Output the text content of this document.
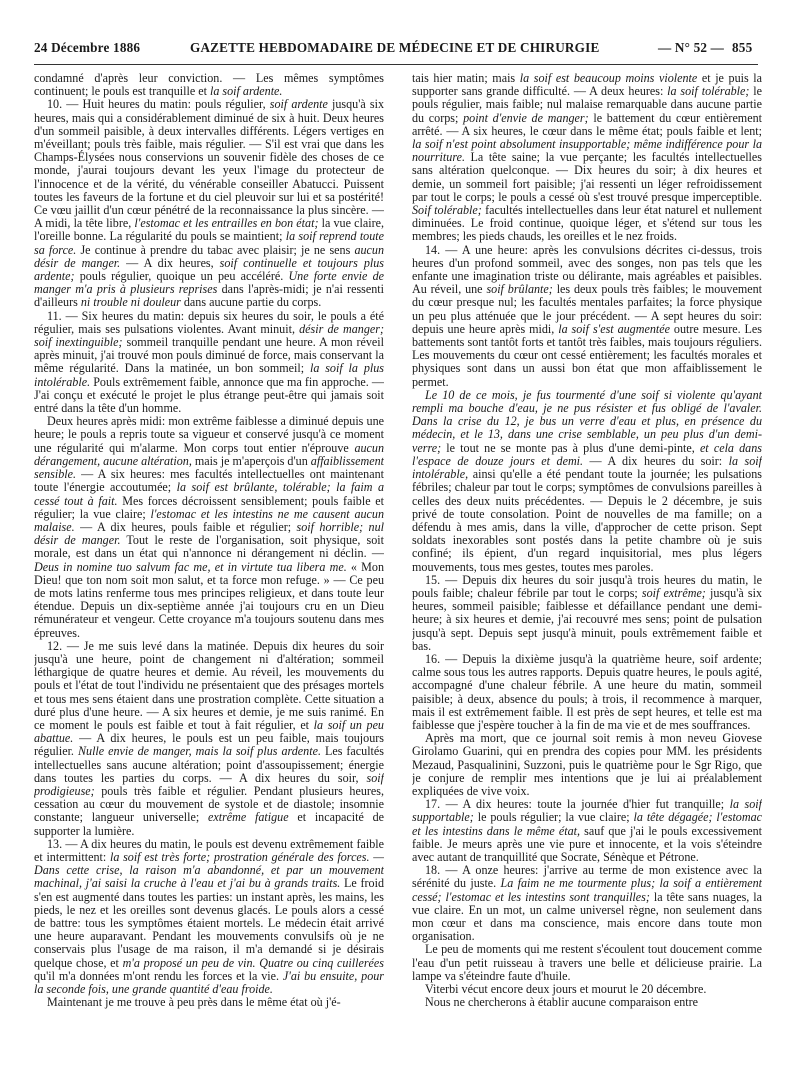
24 Décembre 1886	GAZETTE HEBDOMADAIRE DE MÉDECINE ET DE CHIRURGIE	— N° 52 — 855

condamné d'après leur conviction. — Les mêmes symptômes continuent; le pouls est tranquille et la soif ardente.

10. — Huit heures du matin: pouls régulier, soif ardente jusqu'à six heures, mais qui a considérablement diminué de six à huit. Deux heures d'un sommeil paisible, à deux intervalles différents. Légers vertiges en m'éveillant; pouls très faible, mais régulier. — S'il est vrai que dans les Champs-Élysées nous conservions un souvenir fidèle des choses de ce monde, j'aurai toujours devant les yeux l'image du protecteur de l'innocence et de la vérité, du vénérable conseiller Abatucci. Puissent toutes les faveurs de la fortune et du ciel pleuvoir sur lui et sa postérité! Ce vœu jaillit d'un cœur pénétré de la reconnaissance la plus sincère. — A midi, la tête libre, l'estomac et les entrailles en bon état; la vue claire, l'oreille bonne. La régularité du pouls se maintient; la soif reprend toute sa force. Je continue à prendre du tabac avec plaisir; je ne sens aucun désir de manger. — A dix heures, soif continuelle et toujours plus ardente; pouls régulier, quoique un peu accéléré. Une forte envie de manger m'a pris à plusieurs reprises dans l'après-midi; je n'ai ressenti d'ailleurs ni trouble ni douleur dans aucune partie du corps.

11. — Six heures du matin: depuis six heures du soir, le pouls a été régulier, mais ses pulsations violentes. Avant minuit, désir de manger; soif inextinguible; sommeil tranquille pendant une heure. A mon réveil après minuit, j'ai trouvé mon pouls diminué de force, mais conservant la même régularité. Dans la matinée, un bon sommeil; la soif la plus intolérable. Pouls extrêmement faible, annonce que ma fin approche. — J'ai conçu et exécuté le projet le plus étrange peut-être qui jamais soit entré dans la tête d'un homme.

Deux heures après midi: mon extrême faiblesse a diminué depuis une heure; le pouls a repris toute sa vigueur et conservé jusqu'à ce moment une régularité qui m'alarme. Mon corps tout entier n'éprouve aucun dérangement, aucune altération, mais je m'aperçois d'un affaiblissement sensible. — A six heures: mes facultés intellectuelles ont maintenant toute l'énergie accoutumée; la soif est brûlante, tolérable; la faim a cessé tout à fait. Mes forces décroissent sensiblement; pouls faible et régulier; la vue claire; l'estomac et les intestins ne me causent aucun malaise. — A dix heures, pouls faible et régulier; soif horrible; nul désir de manger. Tout le reste de l'organisation, soit physique, soit morale, est dans un état qui n'annonce ni dérangement ni déclin. — Deus in nomine tuo salvum fac me, et in virtute tua libera me. « Mon Dieu! que ton nom soit mon salut, et ta force mon refuge. » — Ce peu de mots latins renferme tous mes principes religieux, et dans toute leur étendue. Depuis un dix-septième année j'ai toujours cru en un Dieu rémunérateur et vengeur. Cette croyance m'a toujours soutenu dans mes épreuves.

12. — Je me suis levé dans la matinée. Depuis dix heures du soir jusqu'à une heure, point de changement ni d'altération; sommeil léthargique de quatre heures et demie. Au réveil, les mouvements du pouls et l'état de tout l'individu ne présentaient que des présages mortels et tous mes sens étaient dans une prostration complète. Cette situation a duré plus d'une heure. — A six heures et demie, je me suis ranimé. En ce moment le pouls est faible et tout à fait régulier, et la soif un peu abattue. — A dix heures, le pouls est un peu faible, mais toujours régulier. Nulle envie de manger, mais la soif plus ardente. Les facultés intellectuelles sans aucune altération; point d'assoupissement; énergie dans toutes les parties du corps. — A dix heures du soir, soif prodigieuse; pouls très faible et régulier. Pendant plusieurs heures, cessation au cœur du mouvement de systole et de diastole; insomnie constante; langueur universelle; extrême fatigue et incapacité de supporter la lumière.

13. — A dix heures du matin, le pouls est devenu extrêmement faible et intermittent: la soif est très forte; prostration générale des forces. — Dans cette crise, la raison m'a abandonné, et par un mouvement machinal, j'ai saisi la cruche à l'eau et j'ai bu à grands traits. Le froid s'en est augmenté dans toutes les parties: un instant après, les mains, les pieds, le nez et les oreilles sont devenus glacés. Le pouls alors a cessé de battre: tous les symptômes étaient mortels. Le médecin était arrivé une heure auparavant. Pendant les mouvements convulsifs où je ne conservais plus l'usage de ma raison, il m'a demandé si je désirais quelque chose, et m'a proposé un peu de vin. Quatre ou cinq cuillerées qu'il m'a données m'ont rendu les forces et la vie. J'ai bu ensuite, pour la seconde fois, une grande quantité d'eau froide.

Maintenant je me trouve à peu près dans le même état où j'é-

tais hier matin; mais la soif est beaucoup moins violente et je puis la supporter sans grande difficulté. — A deux heures: la soif tolérable; le pouls régulier, mais faible; nul malaise remarquable dans aucune partie du corps; point d'envie de manger; le battement du cœur entièrement arrêté. — A six heures, le cœur dans le même état; pouls faible et lent; la soif n'est point absolument insupportable; même indifférence pour la nourriture. La tête saine; la vue perçante; les facultés intellectuelles sans altération quelconque. — Dix heures du soir; à dix heures et demie, un sommeil fort paisible; j'ai ressenti un léger refroidissement par tout le corps; le pouls a cessé où s'est trouvé presque imperceptible. Soif tolérable; facultés intellectuelles dans leur état naturel et nullement diminuées. Le froid continue, quoique léger, et s'étend sur tous les membres; les pieds chauds, les oreilles et le nez froids.

14. — A une heure: après les convulsions décrites ci-dessus, trois heures d'un profond sommeil, avec des songes, non pas tels que les enfante une imagination triste ou délirante, mais agréables et paisibles. Au réveil, une soif brûlante; les deux pouls très faibles; le mouvement du cœur presque nul; les facultés mentales parfaites; la force physique un peu plus atténuée que le jour précédent. — A sept heures du soir: depuis une heure après midi, la soif s'est augmentée outre mesure. Les battements sont tantôt forts et tantôt très faibles, mais toujours réguliers. Les mouvements du cœur ont cessé entièrement; les facultés morales et physiques sont dans un aussi bon état que mon affaiblissement le permet.

Le 10 de ce mois, je fus tourmenté d'une soif si violente qu'ayant rempli ma bouche d'eau, je ne pus résister et fus obligé de l'avaler. Dans la crise du 12, je bus un verre d'eau et plus, en présence du médecin, et le 13, dans une crise semblable, un peu plus d'un demi-verre; le tout ne se monte pas à plus d'une demi-pinte, et cela dans l'espace de douze jours et demi. — A dix heures du soir: la soif intolérable, ainsi qu'elle a été pendant toute la journée; les pulsations fébriles; chaleur par tout le corps; symptômes de convulsions pareilles à celles des deux nuits précédentes. — Depuis le 2 décembre, je suis privé de toute consolation. Point de nouvelles de ma famille; on a défendu à mes amis, dans la ville, d'approcher de cette prison. Sept soldats inexorables sont postés dans la petite chambre où je suis confiné; ils épient, d'un regard inquisitorial, mes plus légers mouvements, tous mes gestes, toutes mes paroles.

15. — Depuis dix heures du soir jusqu'à trois heures du matin, le pouls faible; chaleur fébrile par tout le corps; soif extrême; jusqu'à six heures, sommeil paisible; faiblesse et défaillance pendant une demi-heure; à six heures et demie, j'ai recouvré mes sens; point de pulsation jusqu'à sept. Depuis sept jusqu'à minuit, pouls extrêmement faible et bas.

16. — Depuis la dixième jusqu'à la quatrième heure, soif ardente; calme sous tous les autres rapports. Depuis quatre heures, le pouls agité, accompagné d'une chaleur fébrile. A une heure du matin, sommeil paisible; à deux, absence du pouls; à trois, il recommence à marquer, mais il est extrêmement faible. Il est près de sept heures, et telle est ma faiblesse que j'espère toucher à la fin de ma vie et de mes souffrances.

Après ma mort, que ce journal soit remis à mon neveu Giovese Girolamo Guarini, qui en prendra des copies pour MM. les présidents Mezaud, Pasqualinini, Suzzoni, puis le quatrième pour le Sgr Rigo, que je conjure de remplir mes intentions que je lui ai préalablement expliquées de vive voix.

17. — A dix heures: toute la journée d'hier fut tranquille; la soif supportable; le pouls régulier; la vue claire; la tête dégagée; l'estomac et les intestins dans le même état, sauf que j'ai le pouls excessivement faible. Je meurs après une vie pure et innocente, et la vois s'éteindre avec autant de tranquillité que Socrate, Sénèque et Pétrone.

18. — A onze heures: j'arrive au terme de mon existence avec la sérénité du juste. La faim ne me tourmente plus; la soif a entièrement cessé; l'estomac et les intestins sont tranquilles; la tête sans nuages, la vue claire. En un mot, un calme universel règne, non seulement dans mon cœur et dans ma conscience, mais encore dans toute mon organisation.

Le peu de moments qui me restent s'écoulent tout doucement comme l'eau d'un petit ruisseau à travers une belle et délicieuse prairie. La lampe va s'éteindre faute d'huile.

Viterbi vécut encore deux jours et mourut le 20 décembre.

Nous ne chercherons à établir aucune comparaison entre
